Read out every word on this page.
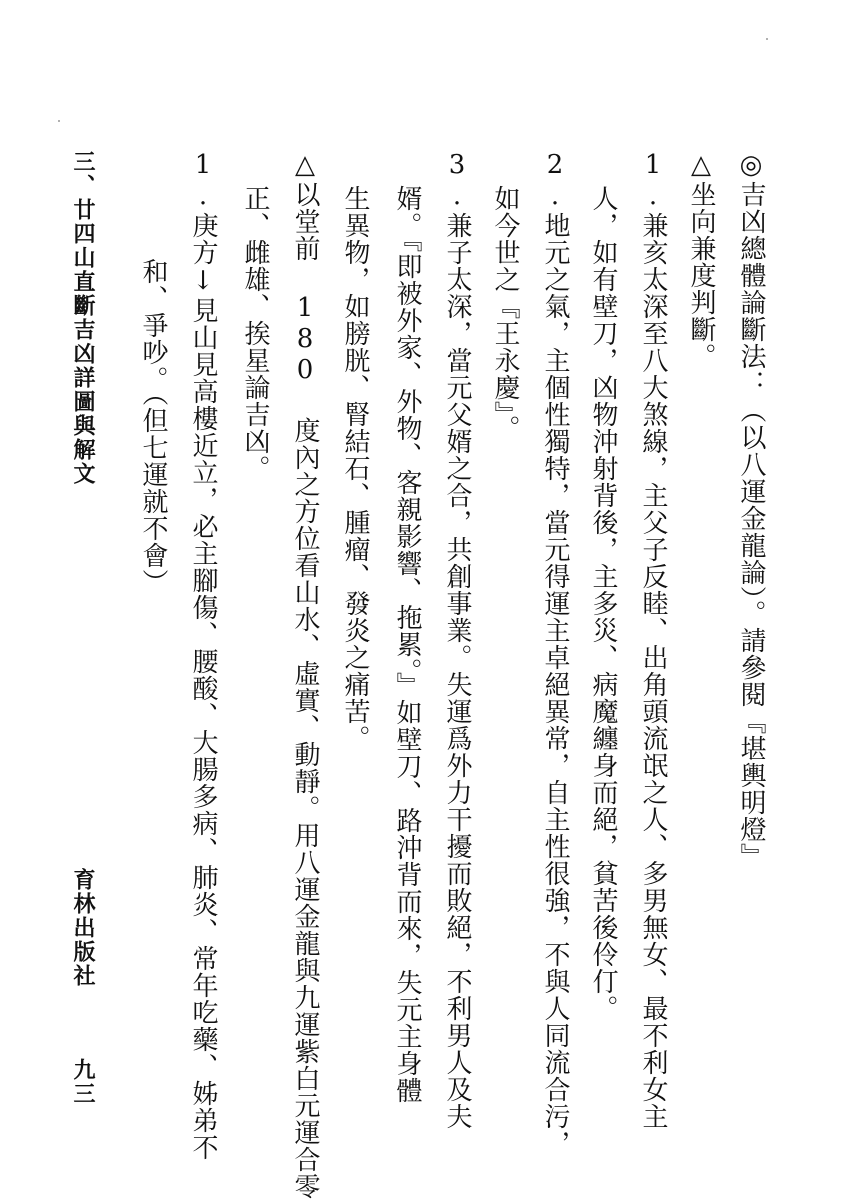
◎吉凶總體論斷法：（以八運金龍論）。請參閱『堪輿明燈』
△坐向兼度判斷。
1.兼亥太深至八大煞線，主父子反睦、出角頭流氓之人、多男無女、最不利女主
人，如有壁刀，凶物沖射背後，主多災、病魔纏身而絕，貧苦後伶仃。
2.地元之氣，主個性獨特，當元得運主卓絕異常，自主性很強，不與人同流合污，
如今世之『王永慶』。
3.兼子太深，當元父婿之合，共創事業。失運爲外力干擾而敗絕，不利男人及夫
婿。『即被外家、外物、客親影響、拖累。』如壁刀、路沖背而來，失元主身體
生異物，如膀胱、腎結石、腫瘤、發炎之痛苦。
△以堂前 180 度內之方位看山水、虛實、動靜。用八運金龍與九運紫白元運合零
正、雌雄、挨星論吉凶。
1.庚方↓見山見高樓近立，必主腳傷、腰酸、大腸多病、肺炎、常年吃藥、姊弟不
和、爭吵。（但七運就不會）
三、廿四山直斷吉凶詳圖與解文
育林出版社
九三
